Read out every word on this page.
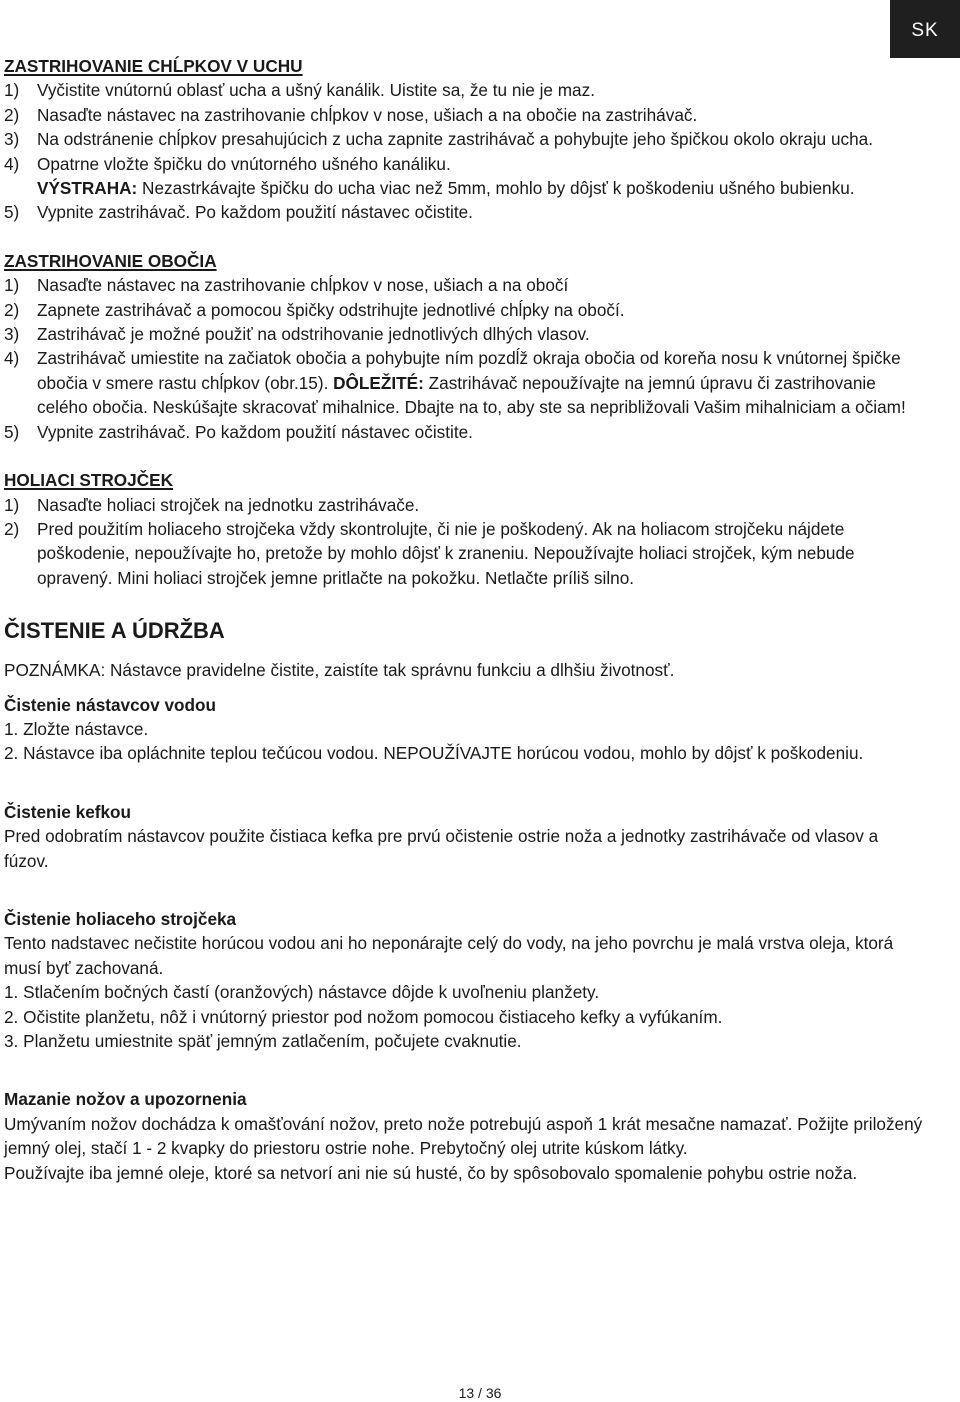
SK

ZASTRIHOVANIE CHĹPKOV V UCHU

1) Vyčistite vnútornú oblasť ucha a ušný kanálik. Uistite sa, že tu nie je maz.
2) Nasaďte nástavec na zastrihovanie chĺpkov v nose, ušiach a na obočie na zastrihávač.
3) Na odstránenie chĺpkov presahujúcich z ucha zapnite zastrihávač a pohybujte jeho špičkou okolo okraju ucha.
4) Opatrne vložte špičku do vnútorného ušného kanáliku.
VÝSTRAHA: Nezastrkávajte špičku do ucha viac než 5mm, mohlo by dôjsť k poškodeniu ušného bubienku.
5) Vypnite zastrihávač. Po každom použití nástavec očistite.

ZASTRIHOVANIE OBOČIA

1) Nasaďte nástavec na zastrihovanie chĺpkov v nose, ušiach a na obočí
2) Zapnete zastrihávač a pomocou špičky odstrihujte jednotlivé chĺpky na obočí.
3) Zastrihávač je možné použiť na odstrihovanie jednotlivých dlhých vlasov.
4) Zastrihávač umiestite na začiatok obočia a pohybujte ním pozdĺž okraja obočia od koreňa nosu k vnútornej špičke obočia v smere rastu chĺpkov (obr.15). DÔLEŽITÉ: Zastrihávač nepoužívajte na jemnú úpravu či zastrihovanie celého obočia. Neskúšajte skracovať mihalnice. Dbajte na to, aby ste sa nepribližovali Vašim mihalniciam a očiam!
5) Vypnite zastrihávač. Po každom použití nástavec očistite.

HOLIACI STROJČEK

1) Nasaďte holiaci strojček na jednotku zastrihávače.
2) Pred použitím holiaceho strojčeka vždy skontrolujte, či nie je poškodený. Ak na holiacom strojčeku nájdete poškodenie, nepoužívajte ho, pretože by mohlo dôjsť k zraneniu. Nepoužívajte holiaci strojček, kým nebude opravený. Mini holiaci strojček jemne pritlačte na pokožku. Netlačte príliš silno.

ČISTENIE A ÚDRŽBA

POZNÁMKA: Nástavce pravidelne čistite, zaistíte tak správnu funkciu a dlhšiu životnosť.

Čistenie nástavcov vodou

1. Zložte nástavce.

2. Nástavce iba opláchnite teplou tečúcou vodou. NEPOUŽÍVAJTE horúcou vodou, mohlo by dôjsť k poškodeniu.

Čistenie kefkou

Pred odobratím nástavcov použite čistiaca kefka pre prvú očistenie ostrie noža a jednotky zastrihávače od vlasov a fúzov.

Čistenie holiaceho strojčeka

Tento nadstavec nečistite horúcou vodou ani ho neponárajte celý do vody, na jeho povrchu je malá vrstva oleja, ktorá musí byť zachovaná.

1. Stlačením bočných častí (oranžových) nástavce dôjde k uvoľneniu planžety.

2. Očistite planžetu, nôž i vnútorný priestor pod nožom pomocou čistiaceho kefky a vyfúkaním.

3. Planžetu umiestnite späť jemným zatlačením, počujete cvaknutie.

Mazanie nožov a upozornenia

Umývaním nožov dochádza k omašťování nožov, preto nože potrebujú aspoň 1 krát mesačne namazať. Požijte priložený jemný olej, stačí 1 - 2 kvapky do priestoru ostrie nohe. Prebytočný olej utrite kúskom látky.

Používajte iba jemné oleje, ktoré sa netvorí ani nie sú husté, čo by spôsobovalo spomalenie pohybu ostrie noža.

13 / 36
